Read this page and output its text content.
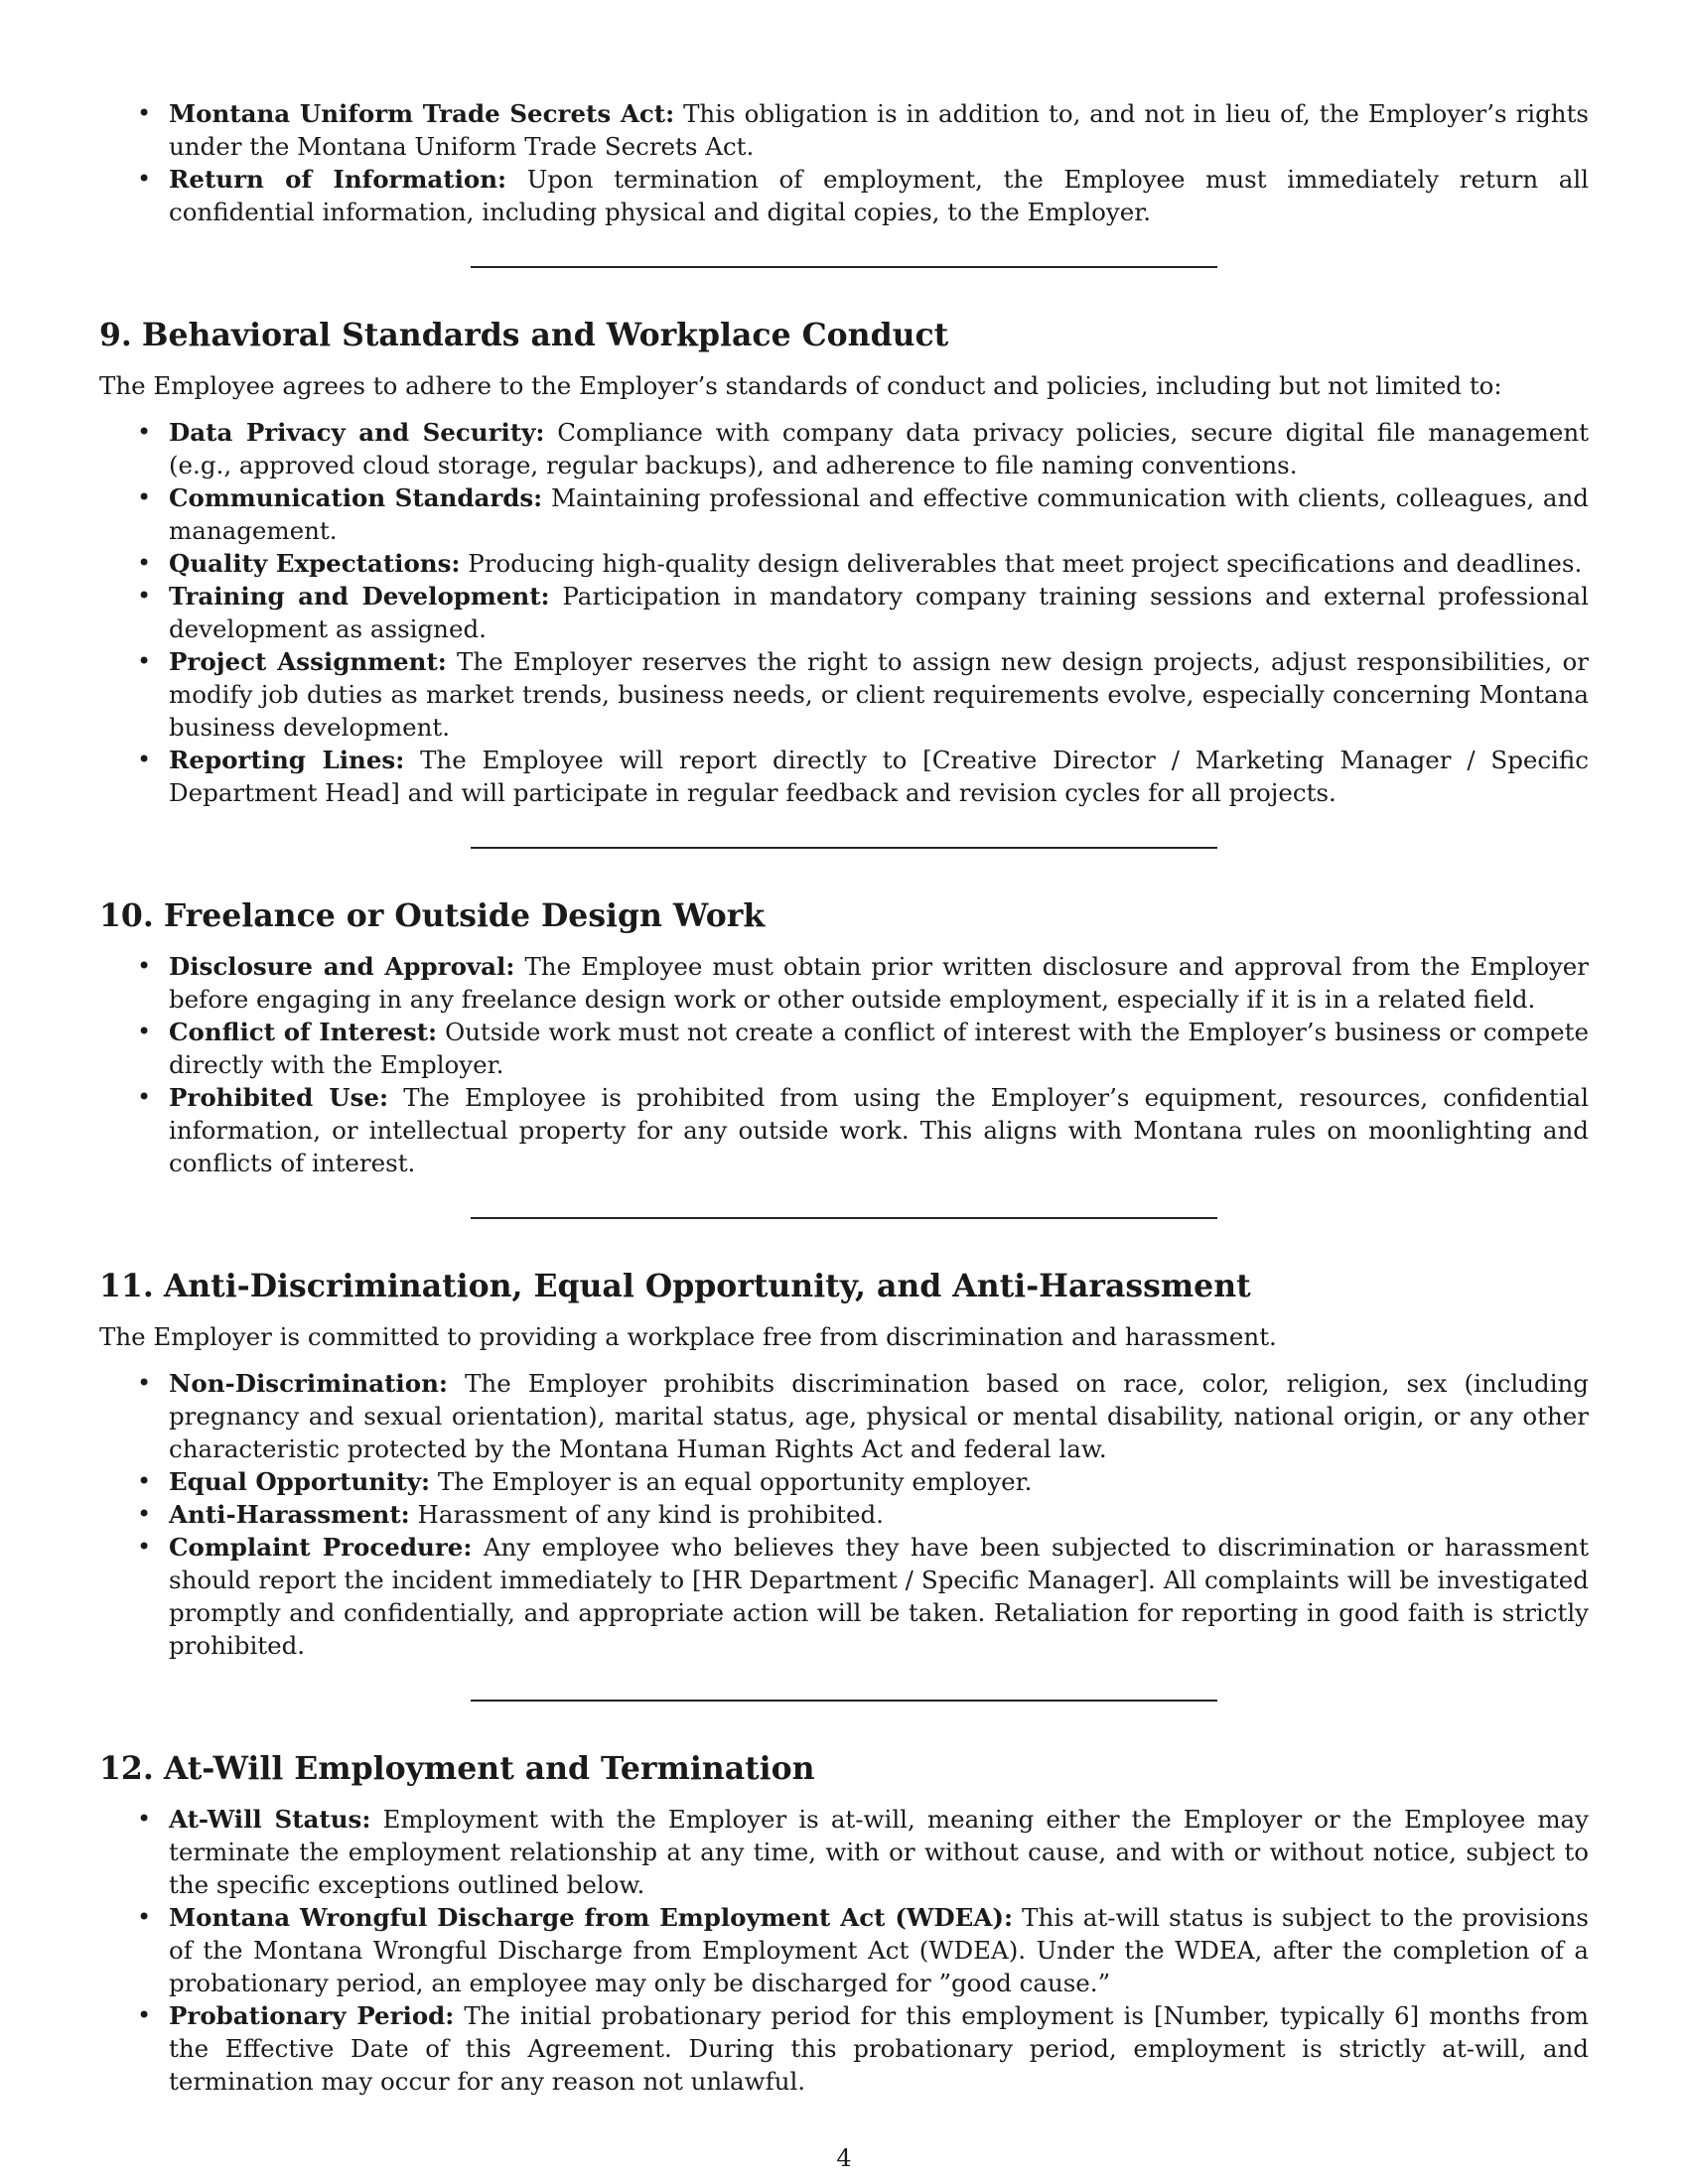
• Montana Uniform Trade Secrets Act: This obligation is in addition to, and not in lieu of, the Employer’s rights under the Montana Uniform Trade Secrets Act.
• Return of Information: Upon termination of employment, the Employee must immediately return all confidential information, including physical and digital copies, to the Employer.
9. Behavioral Standards and Workplace Conduct

The Employee agrees to adhere to the Employer’s standards of conduct and policies, including but not limited to:

• Data Privacy and Security: Compliance with company data privacy policies, secure digital file management (e.g., approved cloud storage, regular backups), and adherence to file naming conventions.
• Communication Standards: Maintaining professional and effective communication with clients, colleagues, and management.
• Quality Expectations: Producing high-quality design deliverables that meet project specifications and deadlines.
• Training and Development: Participation in mandatory company training sessions and external professional development as assigned.
• Project Assignment: The Employer reserves the right to assign new design projects, adjust responsibilities, or modify job duties as market trends, business needs, or client requirements evolve, especially concerning Montana business development.
• Reporting Lines: The Employee will report directly to [Creative Director / Marketing Manager / Specific Department Head] and will participate in regular feedback and revision cycles for all projects.
10. Freelance or Outside Design Work
• Disclosure and Approval: The Employee must obtain prior written disclosure and approval from the Employer before engaging in any freelance design work or other outside employment, especially if it is in a related field.
• Conflict of Interest: Outside work must not create a conflict of interest with the Employer’s business or compete directly with the Employer.
• Prohibited Use: The Employee is prohibited from using the Employer’s equipment, resources, confidential information, or intellectual property for any outside work. This aligns with Montana rules on moonlighting and conflicts of interest.
11. Anti-Discrimination, Equal Opportunity, and Anti-Harassment

The Employer is committed to providing a workplace free from discrimination and harassment.

• Non-Discrimination: The Employer prohibits discrimination based on race, color, religion, sex (including pregnancy and sexual orientation), marital status, age, physical or mental disability, national origin, or any other characteristic protected by the Montana Human Rights Act and federal law.
• Equal Opportunity: The Employer is an equal opportunity employer.
• Anti-Harassment: Harassment of any kind is prohibited.
• Complaint Procedure: Any employee who believes they have been subjected to discrimination or harassment should report the incident immediately to [HR Department / Specific Manager]. All complaints will be investigated promptly and confidentially, and appropriate action will be taken. Retaliation for reporting in good faith is strictly prohibited.
12. At-Will Employment and Termination
• At-Will Status: Employment with the Employer is at-will, meaning either the Employer or the Employee may terminate the employment relationship at any time, with or without cause, and with or without notice, subject to the specific exceptions outlined below.
• Montana Wrongful Discharge from Employment Act (WDEA): This at-will status is subject to the provisions of the Montana Wrongful Discharge from Employment Act (WDEA). Under the WDEA, after the completion of a probationary period, an employee may only be discharged for ”good cause.”
• Probationary Period: The initial probationary period for this employment is [Number, typically 6] months from the Effective Date of this Agreement. During this probationary period, employment is strictly at-will, and termination may occur for any reason not unlawful.
4
